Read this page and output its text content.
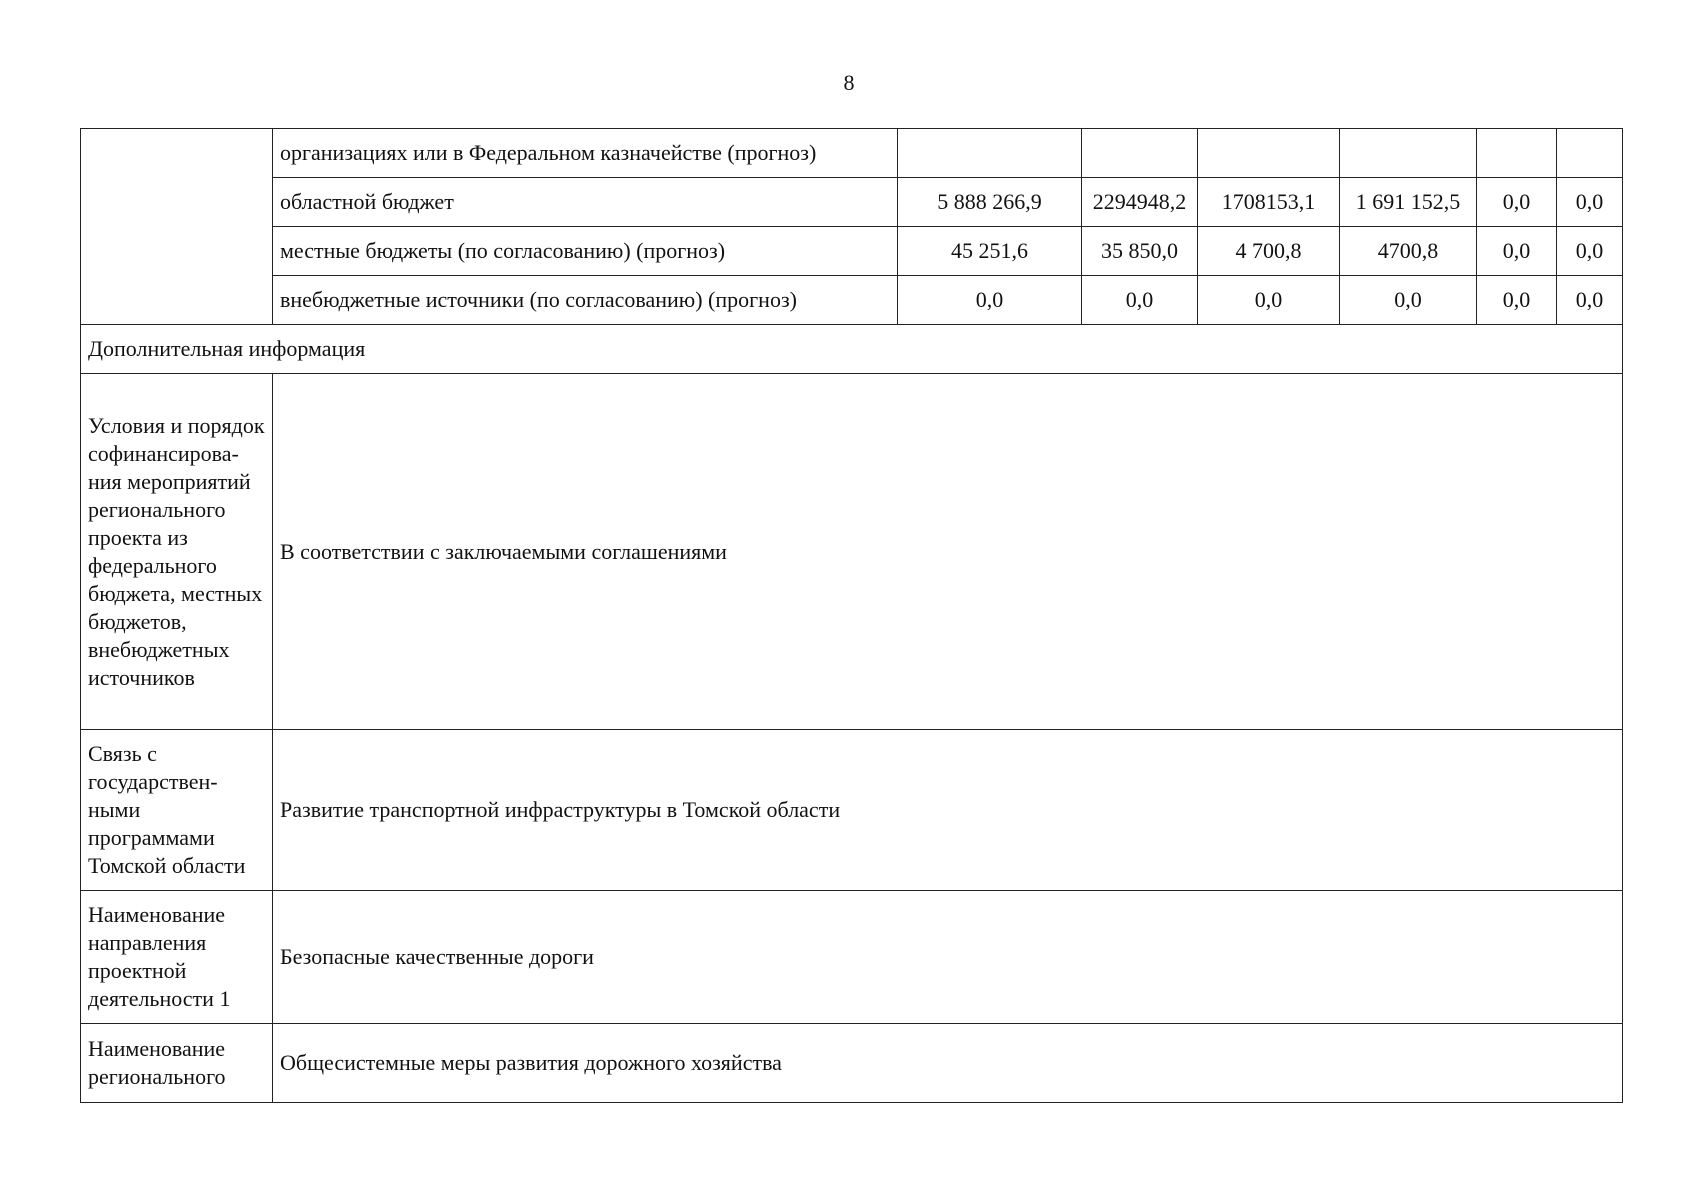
8
	организациях или в Федеральном казначействе (прогноз)						
	областной бюджет	5 888 266,9	2294948,2	1708153,1	1 691 152,5	0,0	0,0
	местные бюджеты (по согласованию) (прогноз)	45 251,6	35 850,0	4 700,8	4700,8	0,0	0,0
	внебюджетные источники (по согласованию) (прогноз)	0,0	0,0	0,0	0,0	0,0	0,0
Дополнительная информация							
Условия и порядок софинансирова-ния мероприятий регионального проекта из федерального бюджета, местных бюджетов, внебюджетных источников	В соответствии с заключаемыми соглашениями						
Связь с государствен-ными программами Томской области	Развитие транспортной инфраструктуры в Томской области						
Наименование направления проектной деятельности 1	Безопасные качественные дороги						
Наименование регионального	Общесистемные меры развития дорожного хозяйства						
